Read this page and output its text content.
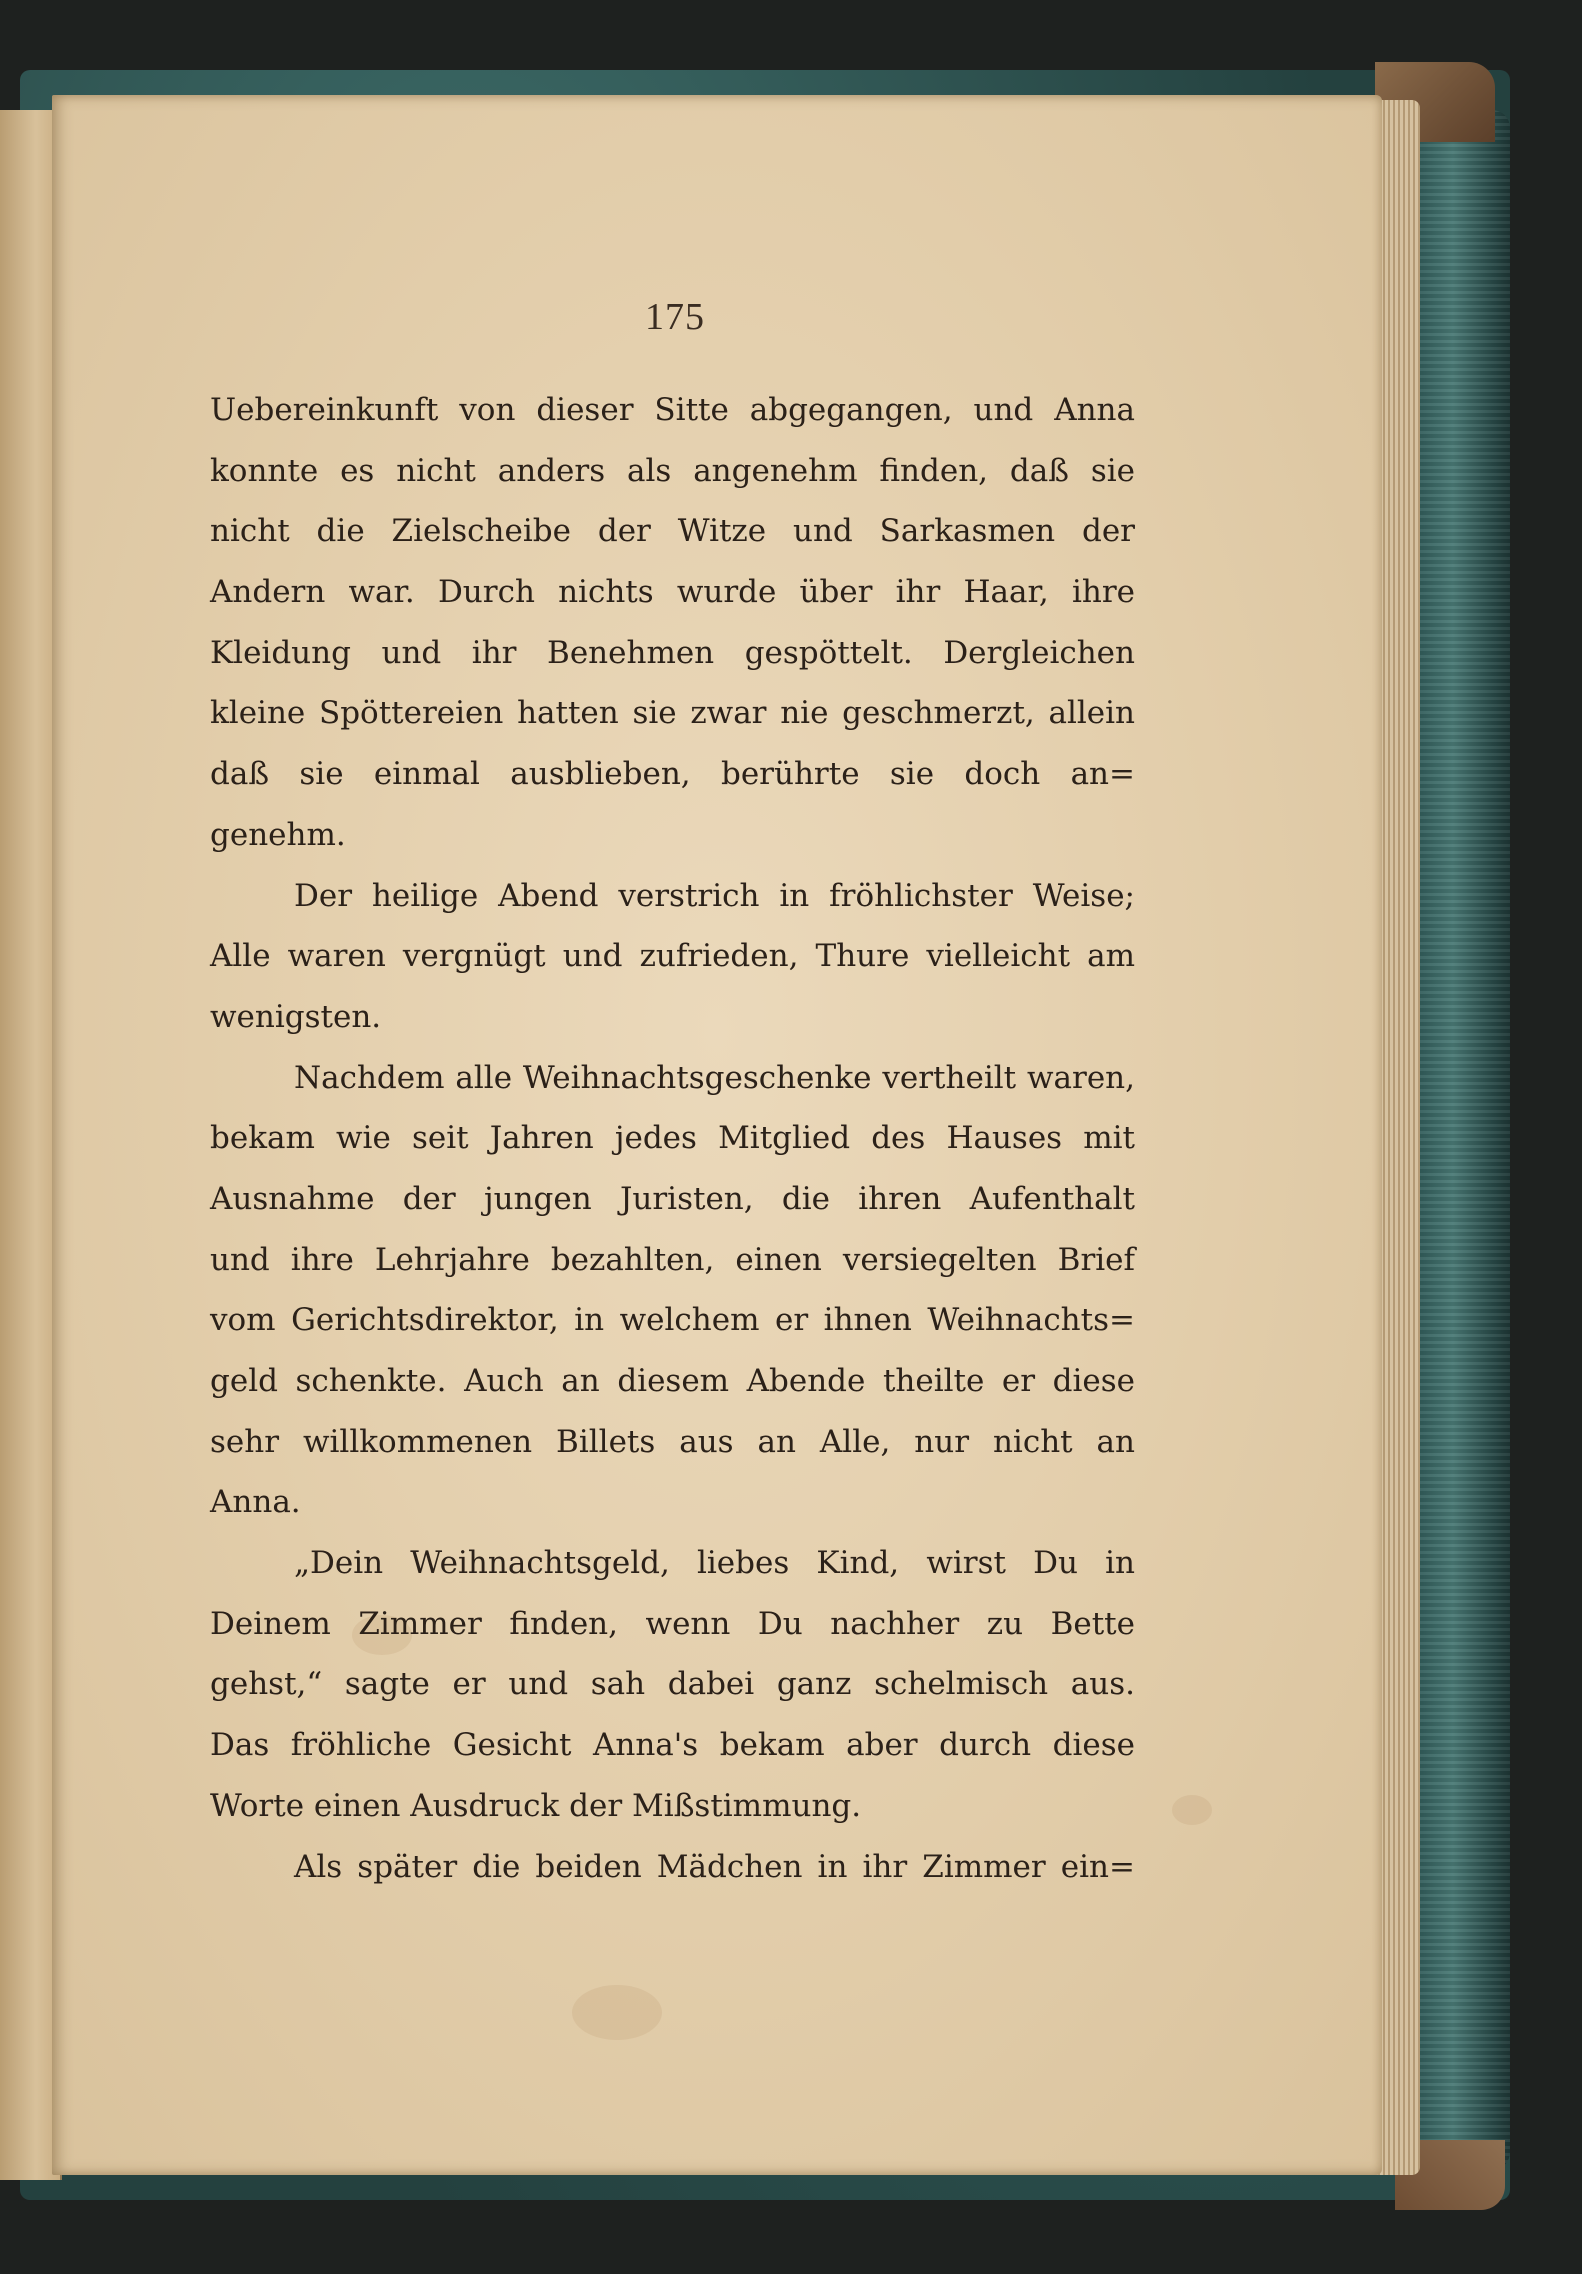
175
Uebereinkunft von dieser Sitte abgegangen, und Anna
konnte es nicht anders als angenehm finden, daß sie
nicht die Zielscheibe der Witze und Sarkasmen der
Andern war. Durch nichts wurde über ihr Haar, ihre
Kleidung und ihr Benehmen gespöttelt. Dergleichen
kleine Spöttereien hatten sie zwar nie geschmerzt, allein
daß sie einmal ausblieben, berührte sie doch an=
genehm.
Der heilige Abend verstrich in fröhlichster Weise;
Alle waren vergnügt und zufrieden, Thure vielleicht am
wenigsten.
Nachdem alle Weihnachtsgeschenke vertheilt waren,
bekam wie seit Jahren jedes Mitglied des Hauses mit
Ausnahme der jungen Juristen, die ihren Aufenthalt
und ihre Lehrjahre bezahlten, einen versiegelten Brief
vom Gerichtsdirektor, in welchem er ihnen Weihnachts=
geld schenkte. Auch an diesem Abende theilte er diese
sehr willkommenen Billets aus an Alle, nur nicht an
Anna.
„Dein Weihnachtsgeld, liebes Kind, wirst Du in
Deinem Zimmer finden, wenn Du nachher zu Bette
gehst,“ sagte er und sah dabei ganz schelmisch aus.
Das fröhliche Gesicht Anna's bekam aber durch diese
Worte einen Ausdruck der Mißstimmung.
Als später die beiden Mädchen in ihr Zimmer ein=
